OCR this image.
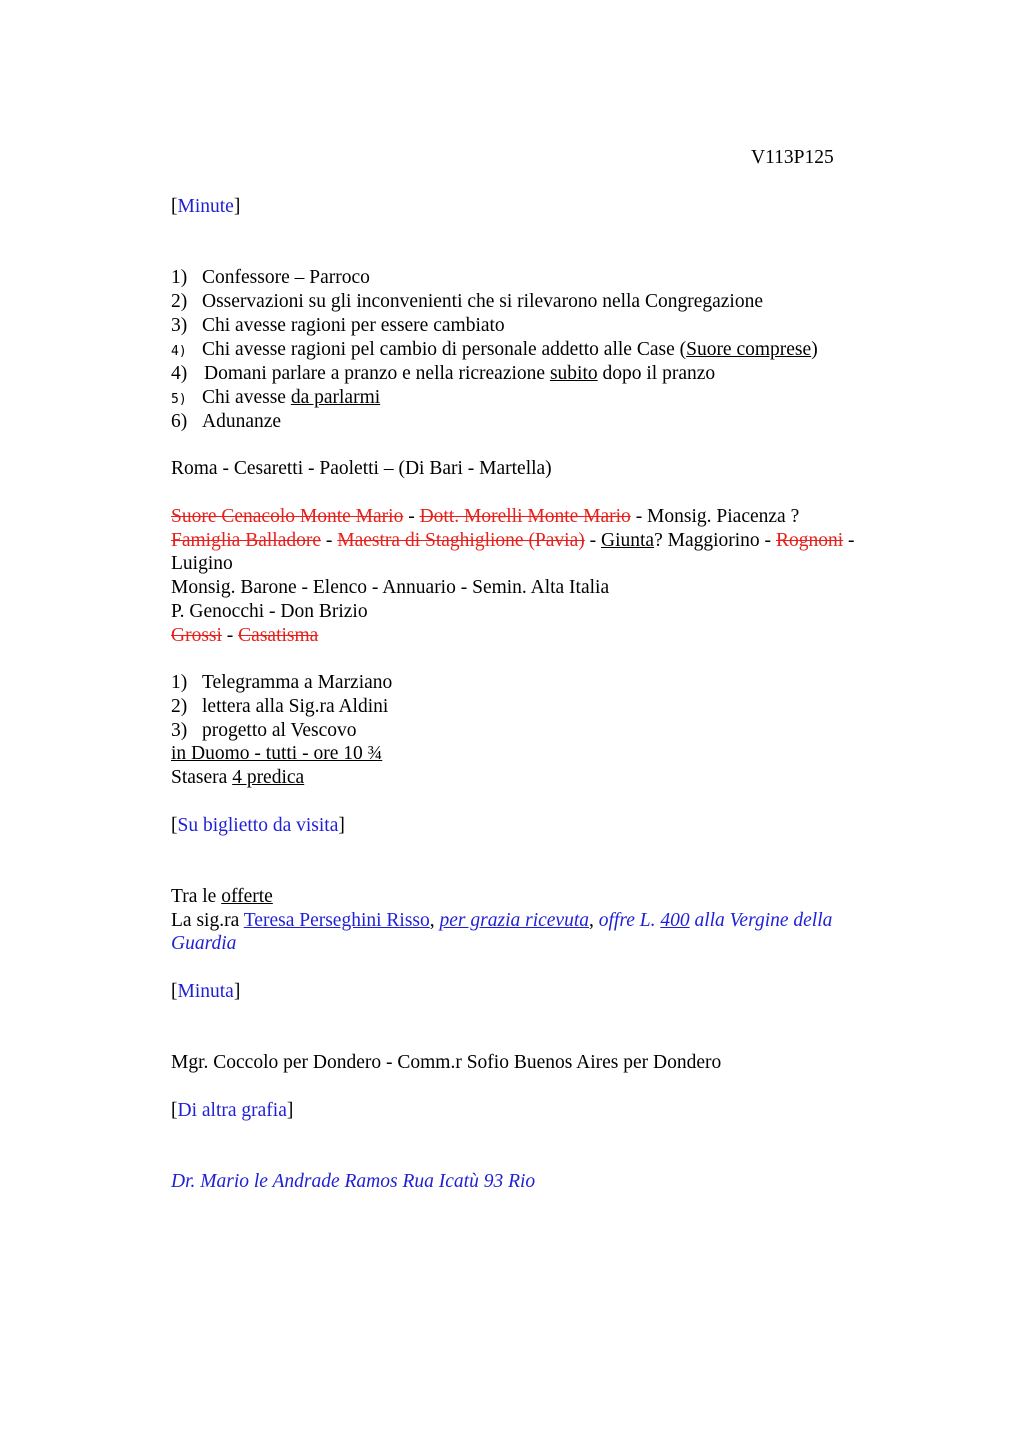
V113P125
[Minute]
1) Confessore – Parroco
2) Osservazioni su gli inconvenienti che si rilevarono nella Congregazione
3) Chi avesse ragioni per essere cambiato
4) Chi avesse ragioni pel cambio di personale addetto alle Case (Suore comprese)
4) Domani parlare a pranzo e nella ricreazione subito dopo il pranzo
5) Chi avesse da parlarmi
6) Adunanze
Roma - Cesaretti - Paoletti – (Di Bari - Martella)
Suore Cenacolo Monte Mario - Dott. Morelli Monte Mario - Monsig. Piacenza ?
Famiglia Balladore - Maestra di Staghiglione (Pavia) - Giunta? Maggiorino - Rognoni -
Luigino
Monsig. Barone - Elenco - Annuario - Semin. Alta Italia
P. Genocchi - Don Brizio
Grossi - Casatisma
1) Telegramma a Marziano
2) lettera alla Sig.ra Aldini
3) progetto al Vescovo
in Duomo - tutti - ore 10 ¾
Stasera 4 predica
[Su biglietto da visita]
Tra le offerte
La sig.ra Teresa Perseghini Risso, per grazia ricevuta, offre L. 400 alla Vergine della
Guardia
[Minuta]
Mgr. Coccolo per Dondero - Comm.r Sofio Buenos Aires per Dondero
[Di altra grafia]
Dr. Mario le Andrade Ramos Rua Icatù 93 Rio
